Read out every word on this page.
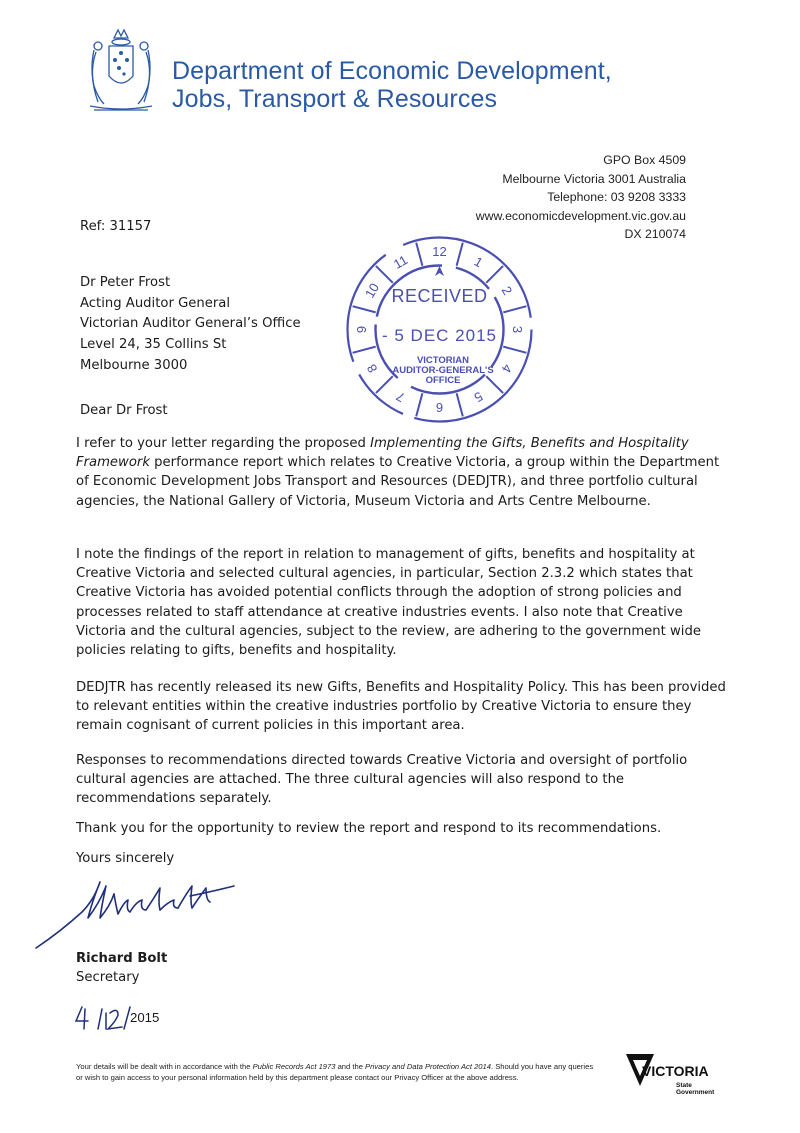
Department of Economic Development,
Jobs, Transport & Resources
GPO Box 4509
Melbourne Victoria 3001 Australia
Telephone: 03 9208 3333
www.economicdevelopment.vic.gov.au
DX 210074
Ref: 31157
Dr Peter Frost
Acting Auditor General
Victorian Auditor General’s Office
Level 24, 35 Collins St
Melbourne 3000
12
11
10
9
8
7
6
5
4
3
2
1
RECEIVED
- 5 DEC 2015
VICTORIAN
AUDITOR-GENERAL'S
OFFICE
Dear Dr Frost
I refer to your letter regarding the proposed Implementing the Gifts, Benefits and Hospitality Framework performance report which relates to Creative Victoria, a group within the Department of Economic Development Jobs Transport and Resources (DEDJTR), and three portfolio cultural agencies, the National Gallery of Victoria, Museum Victoria and Arts Centre Melbourne.
I note the findings of the report in relation to management of gifts, benefits and hospitality at Creative Victoria and selected cultural agencies, in particular, Section 2.3.2 which states that Creative Victoria has avoided potential conflicts through the adoption of strong policies and processes related to staff attendance at creative industries events. I also note that Creative Victoria and the cultural agencies, subject to the review, are adhering to the government wide policies relating to gifts, benefits and hospitality.
DEDJTR has recently released its new Gifts, Benefits and Hospitality Policy. This has been provided to relevant entities within the creative industries portfolio by Creative Victoria to ensure they remain cognisant of current policies in this important area.
Responses to recommendations directed towards Creative Victoria and oversight of portfolio cultural agencies are attached. The three cultural agencies will also respond to the recommendations separately.
Thank you for the opportunity to review the report and respond to its recommendations.
Yours sincerely
Richard Bolt
Secretary
2015
Your details will be dealt with in accordance with the Public Records Act 1973 and the Privacy and Data Protection Act 2014. Should you have any queries or wish to gain access to your personal information held by this department please contact our Privacy Officer at the above address.	VICTORIA
State
Government
